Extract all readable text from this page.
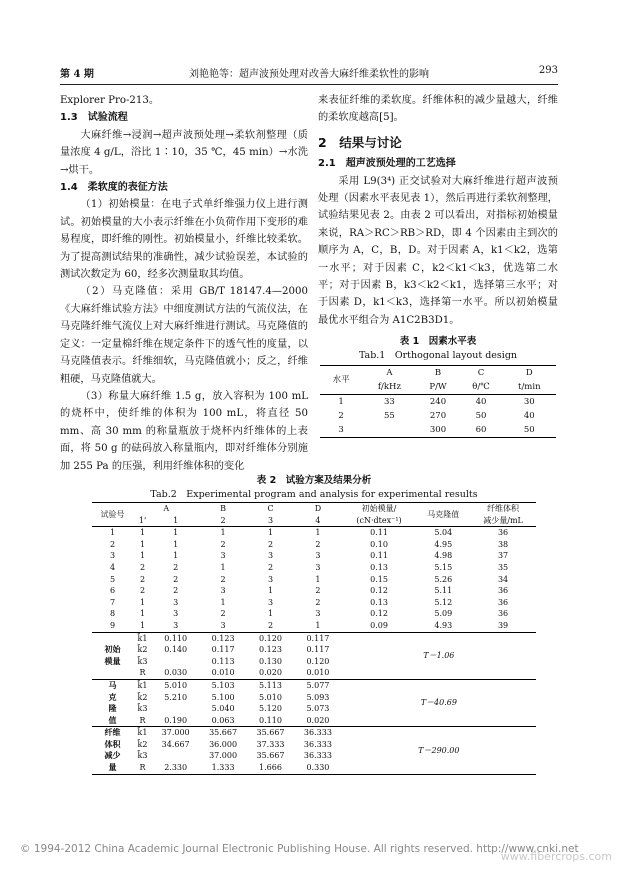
第 4 期	刘艳艳等：超声波预处理对改善大麻纤维柔软性的影响	293

Explorer Pro-213。

1.3　试验流程

大麻纤维→浸润→超声波预处理→柔软剂整理（质量浓度 4 g/L，浴比 1∶10，35 ℃，45 min）→水洗→烘干。

1.4　柔软度的表征方法

（1）初始模量：在电子式单纤维强力仪上进行测试。初始模量的大小表示纤维在小负荷作用下变形的难易程度，即纤维的刚性。初始模量小，纤维比较柔软。为了提高测试结果的准确性，减少试验误差，本试验的测试次数定为 60，经多次测量取其均值。

（2）马克隆值：采用 GB/T 18147.4—2000《大麻纤维试验方法》中细度测试方法的气流仪法，在马克隆纤维气流仪上对大麻纤维进行测试。马克隆值的定义：一定量棉纤维在规定条件下的透气性的度量，以马克隆值表示。纤维细软，马克隆值就小；反之，纤维粗硬，马克隆值就大。

（3）称量大麻纤维 1.5 g，放入容积为 100 mL 的烧杯中，使纤维的体积为 100 mL，将直径 50 mm、高 30 mm 的称量瓶放于烧杯内纤维体的上表面，将 50 g 的砝码放入称量瓶内，即对纤维体分别施加 255 Pa 的压强，利用纤维体积的变化

来表征纤维的柔软度。纤维体积的减少量越大，纤维的柔软度越高[5]。

2　结果与讨论

2.1　超声波预处理的工艺选择

采用 L9(3⁴) 正交试验对大麻纤维进行超声波预处理（因素水平表见表 1），然后再进行柔软剂整理，试验结果见表 2。由表 2 可以看出，对指标初始模量来说，RA＞RC＞RB＞RD，即 4 个因素由主到次的顺序为 A，C，B，D。对于因素 A，k1＜k2，选第一水平；对于因素 C，k2＜k1＜k3，优选第二水平；对于因素 B，k3＜k2＜k1，选择第三水平；对于因素 D，k1＜k3，选择第一水平。所以初始模量最优水平组合为 A1C2B3D1。

表 1　因素水平表
Tab.1　Orthogonal layout design
水平	A	B	C	D
	f/kHz	P/W	θ/℃	t/min
1	33	240	40	30
2	55	270	50	40
3		300	60	50
表 2　试验方案及结果分析
Tab.2　Experimental program and analysis for experimental results
试验号	A		B	C	D	初始模量/	马克隆值	纤维体积
	1'	1	2	3	4	(cN·dtex⁻¹)		减少量/mL
1	1	1	1	1	1	0.11	5.04	36
2	1	1	2	2	2	0.10	4.95	38
3	1	1	3	3	3	0.11	4.98	37
4	2	2	1	2	3	0.13	5.15	35
5	2	2	2	3	1	0.15	5.26	34
6	2	2	3	1	2	0.12	5.11	36
7	1	3	1	3	2	0.13	5.12	36
8	1	3	2	1	3	0.12	5.09	36
9	1	3	3	2	1	0.09	4.93	39

初始
模量	k̄1	0.110	0.123	0.120	0.117	T＝1.06		
	k̄2	0.140	0.117	0.123	0.117			
	k̄3		0.113	0.130	0.120			
	R	0.030	0.010	0.020	0.010			

马
克
隆
值	k̄1	5.010	5.103	5.113	5.077	T＝40.69		
	k̄2	5.210	5.100	5.010	5.093			
	k̄3		5.040	5.120	5.073			
	R	0.190	0.063	0.110	0.020			

纤维
体积
减少
量	k̄1	37.000	35.667	35.667	36.333	T＝290.00		
	k̄2	34.667	36.000	37.333	36.333			
	k̄3		37.000	35.667	36.333			
	R	2.330	1.333	1.666	0.330			
© 1994-2012 China Academic Journal Electronic Publishing House. All rights reserved. http://www.cnki.net
www.fibercrops.com
